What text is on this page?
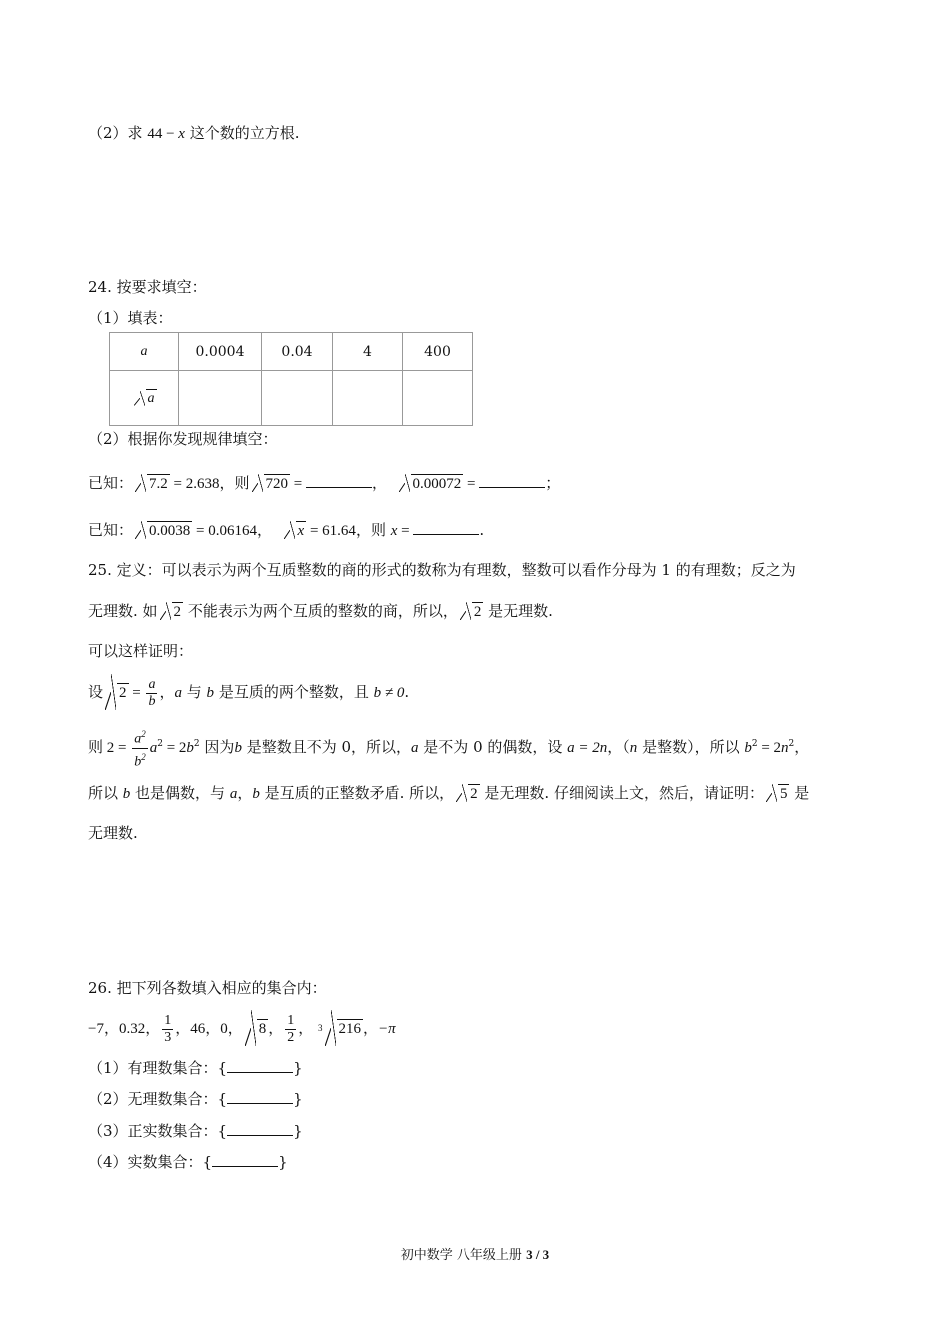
（2）求 44 − x 这个数的立方根.
24. 按要求填空：
（1）填表：
a	0.0004	0.04	4	400
a				
（2）根据你发现规律填空：
已知： 7.2 = 2.638，则 720 =	， 0.00072 =	；
已知： 0.0038 = 0.06164， x = 61.64，则 x =	.
25. 定义：可以表示为两个互质整数的商的形式的数称为有理数，整数可以看作分母为 1 的有理数；反之为
无理数. 如 2 不能表示为两个互质的整数的商，所以， 2 是无理数.
可以这样证明：
设 $2 = \frac{a}{b}$ ，a 与 b 是互质的两个整数，且 b ≠ 0.
则 $2 = \frac{a^2}{b^2} a^2 = 2b^2$ 因为b 是整数且不为 0，所以，a 是不为 0 的偶数，设 a = 2n，（n 是整数），所以 $b^2 = 2n^2$，
所以 b 也是偶数，与 a，b 是互质的正整数矛盾. 所以， 2 是无理数. 仔细阅读上文，然后，请证明： 5 是
无理数.
26. 把下列各数填入相应的集合内：
−7，0.32， $\frac{1}{3}$ ，46，0， 8 ， $\frac{1}{2}$ ， $^3$ 216 ，−π
（1）有理数集合：{	}
（2）无理数集合：{	}
（3）正实数集合：{	}
（4）实数集合：{	}
初中数学 八年级上册 3 / 3
